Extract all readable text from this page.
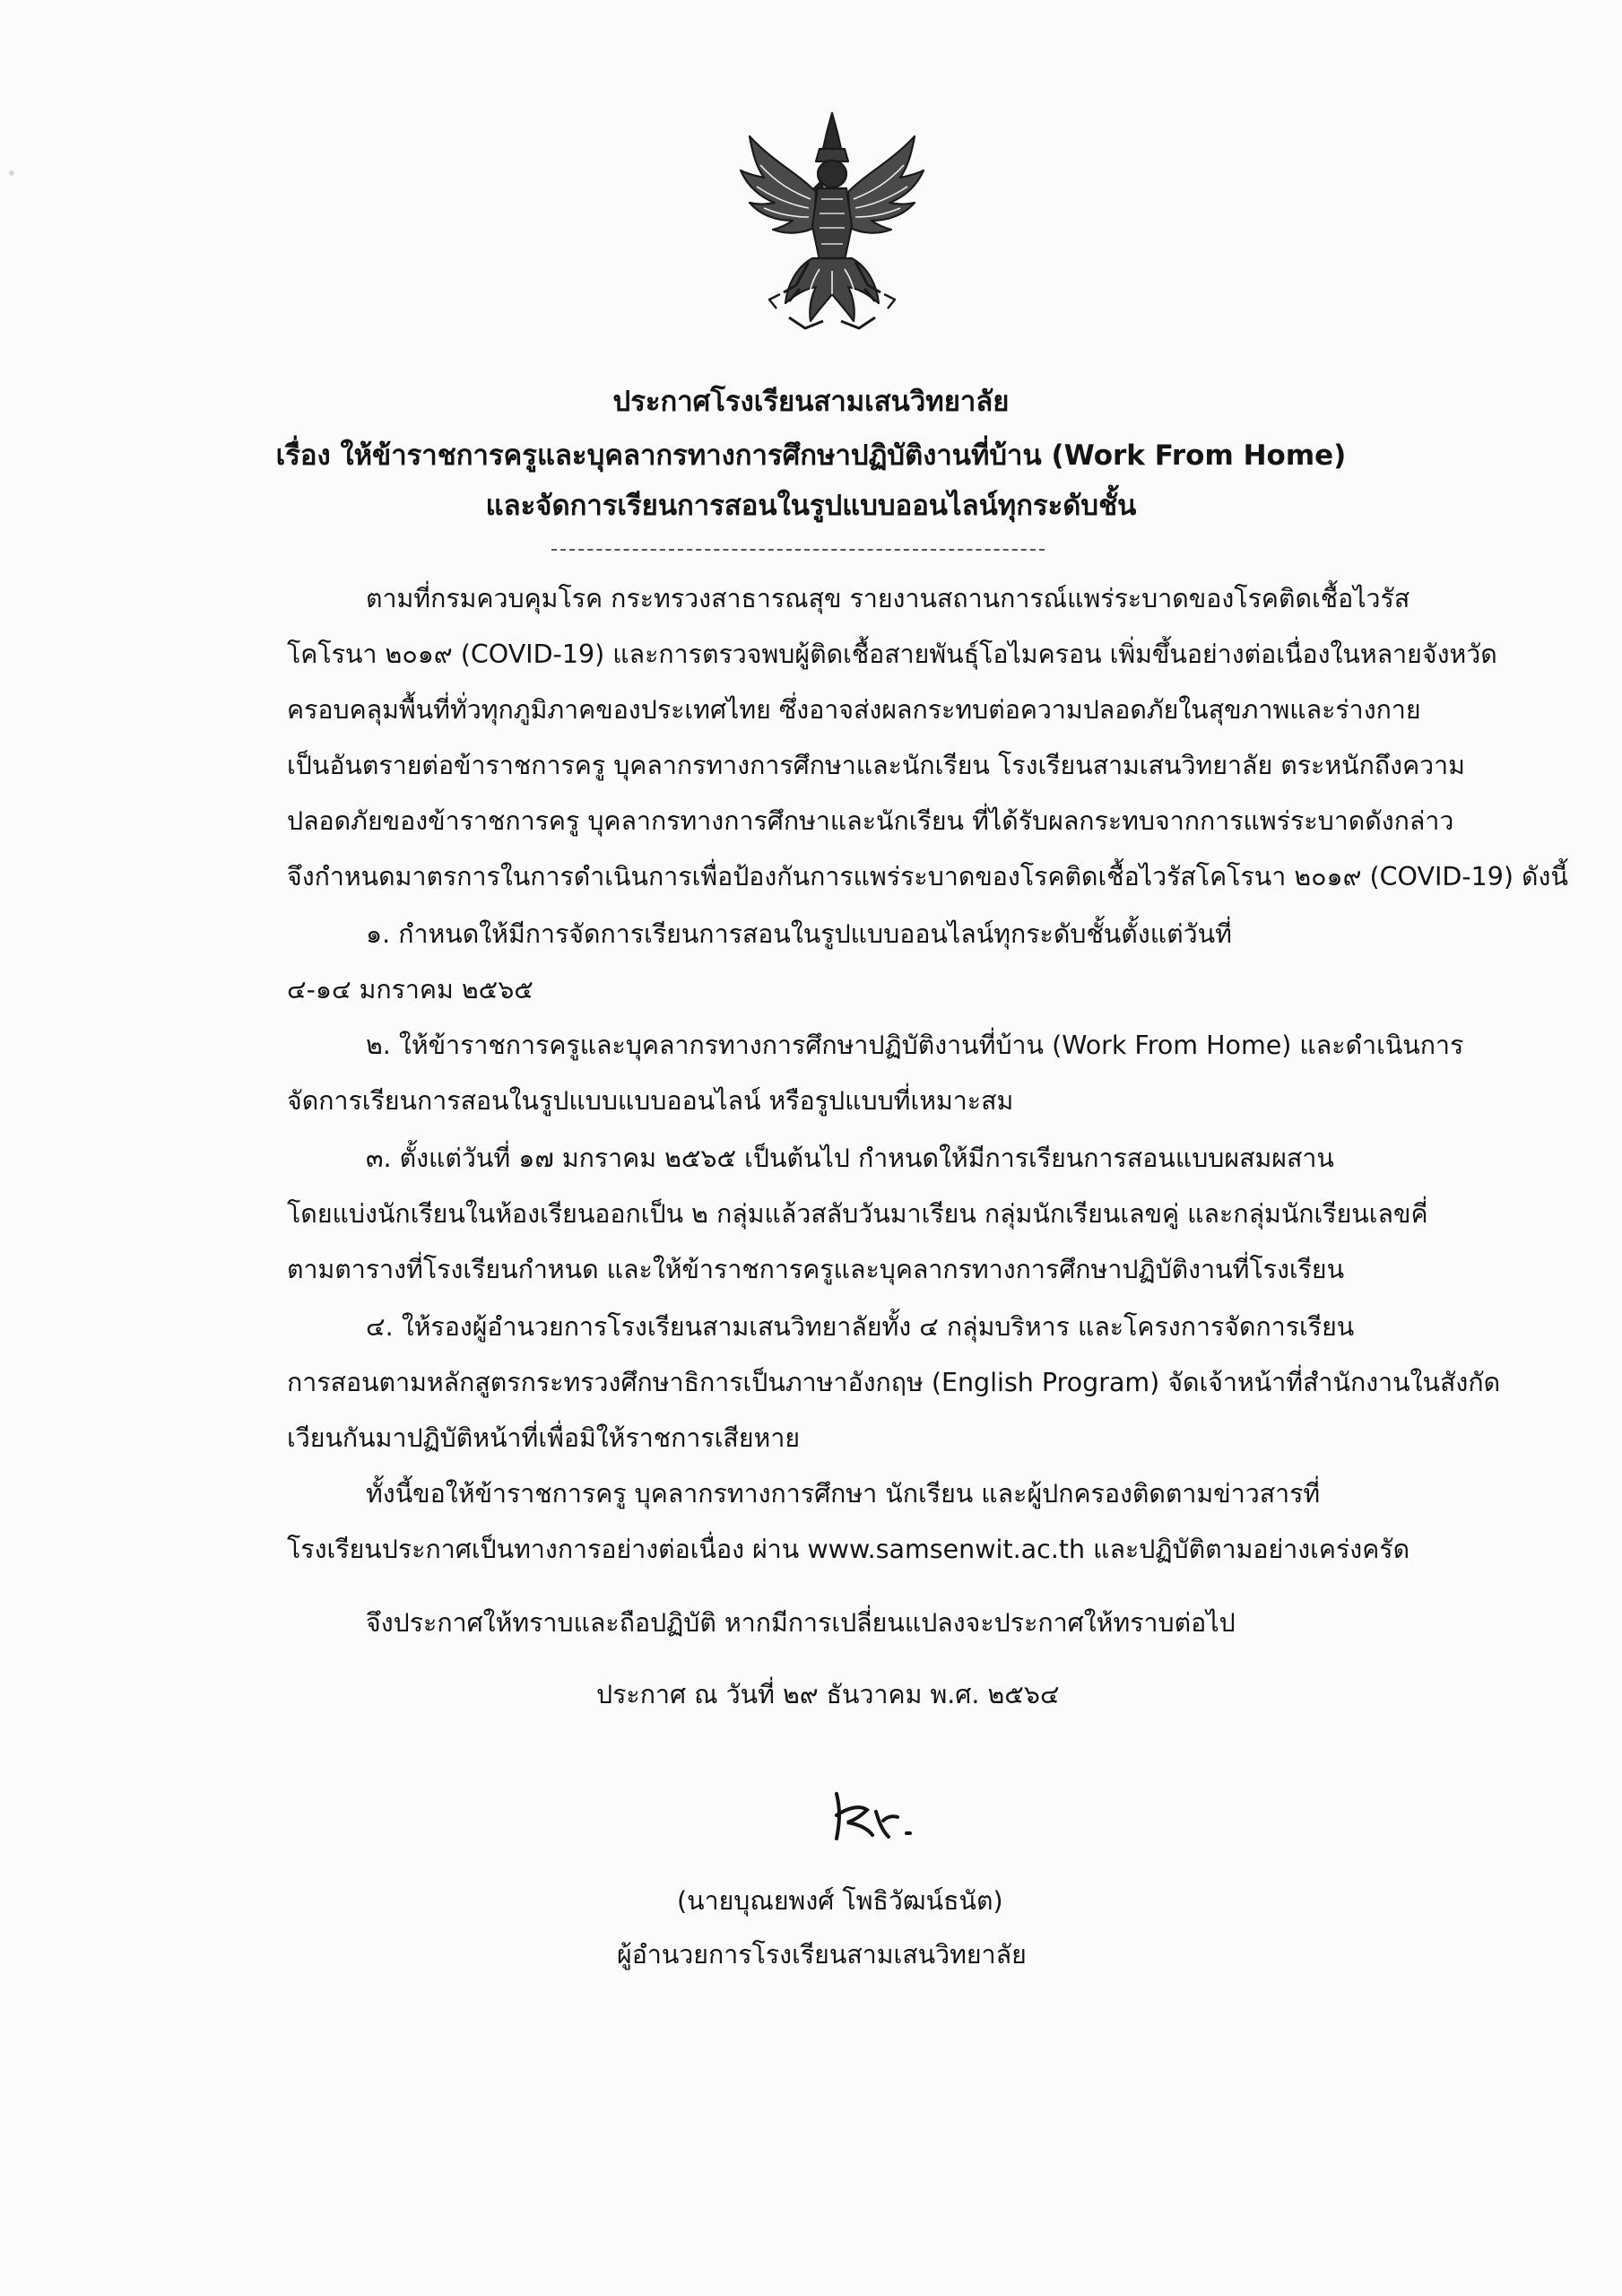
ประกาศโรงเรียนสามเสนวิทยาลัย
เรื่อง ให้ข้าราชการครูและบุคลากรทางการศึกษาปฏิบัติงานที่บ้าน (Work From Home)
และจัดการเรียนการสอนในรูปแบบออนไลน์ทุกระดับชั้น
ตามที่กรมควบคุมโรค กระทรวงสาธารณสุข รายงานสถานการณ์แพร่ระบาดของโรคติดเชื้อไวรัส
โคโรนา ๒๐๑๙ (COVID-19) และการตรวจพบผู้ติดเชื้อสายพันธุ์โอไมครอน เพิ่มขึ้นอย่างต่อเนื่องในหลายจังหวัด
ครอบคลุมพื้นที่ทั่วทุกภูมิภาคของประเทศไทย ซึ่งอาจส่งผลกระทบต่อความปลอดภัยในสุขภาพและร่างกาย
เป็นอันตรายต่อข้าราชการครู บุคลากรทางการศึกษาและนักเรียน โรงเรียนสามเสนวิทยาลัย ตระหนักถึงความ
ปลอดภัยของข้าราชการครู บุคลากรทางการศึกษาและนักเรียน ที่ได้รับผลกระทบจากการแพร่ระบาดดังกล่าว
จึงกำหนดมาตรการในการดำเนินการเพื่อป้องกันการแพร่ระบาดของโรคติดเชื้อไวรัสโคโรนา ๒๐๑๙ (COVID-19) ดังนี้
๑. กำหนดให้มีการจัดการเรียนการสอนในรูปแบบออนไลน์ทุกระดับชั้นตั้งแต่วันที่
๔-๑๔ มกราคม ๒๕๖๕
๒. ให้ข้าราชการครูและบุคลากรทางการศึกษาปฏิบัติงานที่บ้าน (Work From Home) และดำเนินการ
จัดการเรียนการสอนในรูปแบบแบบออนไลน์ หรือรูปแบบที่เหมาะสม
๓. ตั้งแต่วันที่ ๑๗ มกราคม ๒๕๖๕ เป็นต้นไป กำหนดให้มีการเรียนการสอนแบบผสมผสาน
โดยแบ่งนักเรียนในห้องเรียนออกเป็น ๒ กลุ่มแล้วสลับวันมาเรียน กลุ่มนักเรียนเลขคู่ และกลุ่มนักเรียนเลขคี่
ตามตารางที่โรงเรียนกำหนด และให้ข้าราชการครูและบุคลากรทางการศึกษาปฏิบัติงานที่โรงเรียน
๔. ให้รองผู้อำนวยการโรงเรียนสามเสนวิทยาลัยทั้ง ๔ กลุ่มบริหาร และโครงการจัดการเรียน
การสอนตามหลักสูตรกระทรวงศึกษาธิการเป็นภาษาอังกฤษ (English Program) จัดเจ้าหน้าที่สำนักงานในสังกัด
เวียนกันมาปฏิบัติหน้าที่เพื่อมิให้ราชการเสียหาย
ทั้งนี้ขอให้ข้าราชการครู บุคลากรทางการศึกษา นักเรียน และผู้ปกครองติดตามข่าวสารที่
โรงเรียนประกาศเป็นทางการอย่างต่อเนื่อง ผ่าน www.samsenwit.ac.th และปฏิบัติตามอย่างเคร่งครัด
จึงประกาศให้ทราบและถือปฏิบัติ หากมีการเปลี่ยนแปลงจะประกาศให้ทราบต่อไป
ประกาศ ณ วันที่ ๒๙ ธันวาคม พ.ศ. ๒๕๖๔
(นายบุณยพงศ์ โพธิวัฒน์ธนัต)
ผู้อำนวยการโรงเรียนสามเสนวิทยาลัย
